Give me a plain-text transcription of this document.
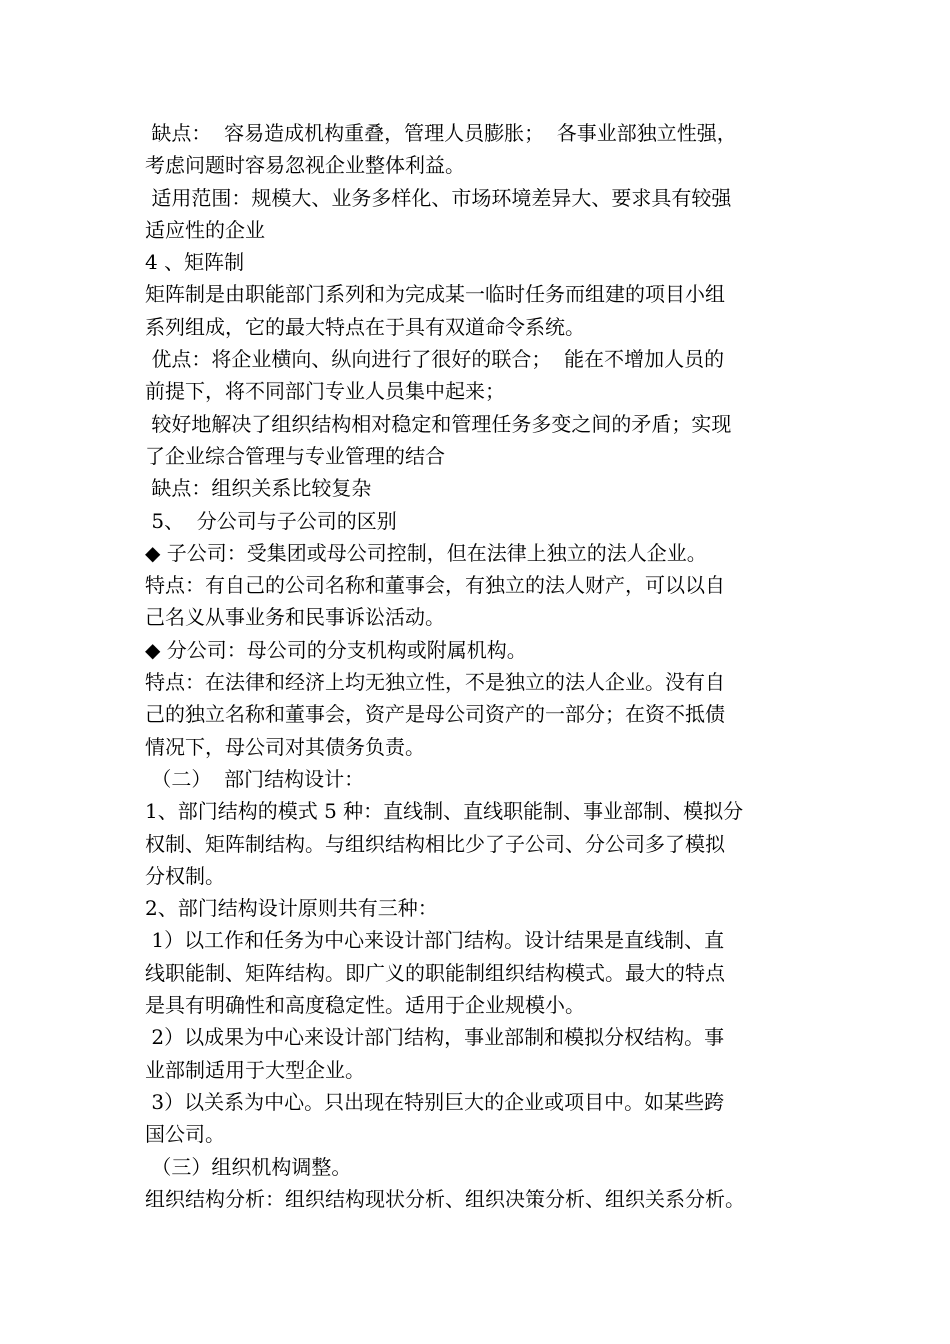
缺点：  容易造成机构重叠，管理人员膨胀；  各事业部独立性强，
考虑问题时容易忽视企业整体利益。
适用范围：规模大、业务多样化、市场环境差异大、要求具有较强
适应性的企业
4 、矩阵制
矩阵制是由职能部门系列和为完成某一临时任务而组建的项目小组
系列组成，它的最大特点在于具有双道命令系统。
优点：将企业横向、纵向进行了很好的联合；  能在不增加人员的
前提下，将不同部门专业人员集中起来；
较好地解决了组织结构相对稳定和管理任务多变之间的矛盾；实现
了企业综合管理与专业管理的结合
缺点：组织关系比较复杂
5、  分公司与子公司的区别
◆ 子公司：受集团或母公司控制，但在法律上独立的法人企业。
特点：有自己的公司名称和董事会，有独立的法人财产，可以以自
己名义从事业务和民事诉讼活动。
◆ 分公司：母公司的分支机构或附属机构。
特点：在法律和经济上均无独立性，不是独立的法人企业。没有自
己的独立名称和董事会，资产是母公司资产的一部分；在资不抵债
情况下，母公司对其债务负责。
（二）  部门结构设计：
1、部门结构的模式 5 种：直线制、直线职能制、事业部制、模拟分
权制、矩阵制结构。与组织结构相比少了子公司、分公司多了模拟
分权制。
2、部门结构设计原则共有三种：
1）以工作和任务为中心来设计部门结构。设计结果是直线制、直
线职能制、矩阵结构。即广义的职能制组织结构模式。最大的特点
是具有明确性和高度稳定性。适用于企业规模小。
2）以成果为中心来设计部门结构，事业部制和模拟分权结构。事
业部制适用于大型企业。
3）以关系为中心。只出现在特别巨大的企业或项目中。如某些跨
国公司。
（三）组织机构调整。
组织结构分析：组织结构现状分析、组织决策分析、组织关系分析。
